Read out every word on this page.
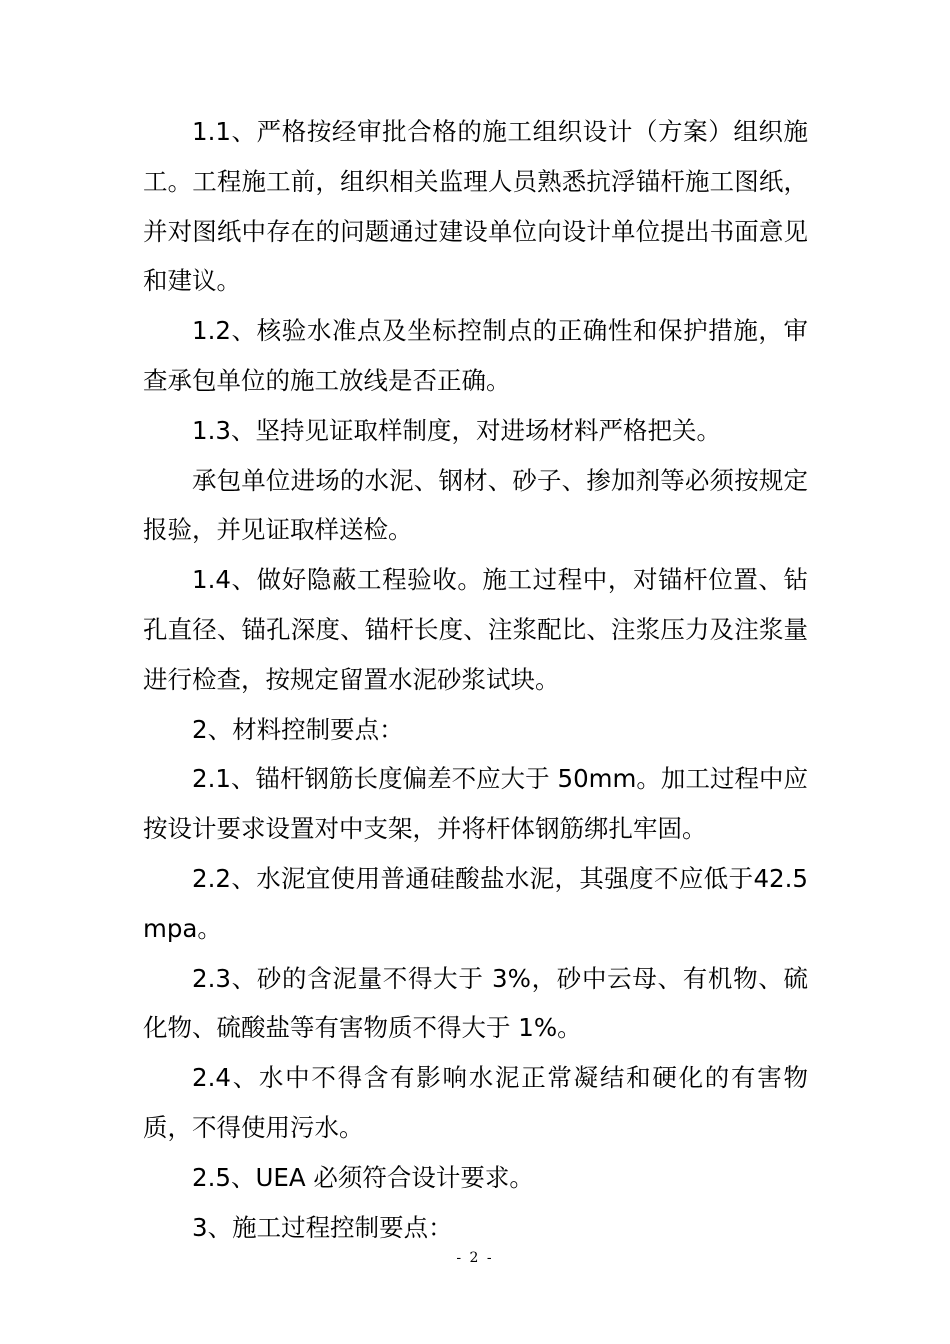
1.1、严格按经审批合格的施工组织设计（方案）组织施工。工程施工前，组织相关监理人员熟悉抗浮锚杆施工图纸，并对图纸中存在的问题通过建设单位向设计单位提出书面意见和建议。

1.2、核验水准点及坐标控制点的正确性和保护措施，审查承包单位的施工放线是否正确。

1.3、坚持见证取样制度，对进场材料严格把关。

承包单位进场的水泥、钢材、砂子、掺加剂等必须按规定报验，并见证取样送检。

1.4、做好隐蔽工程验收。施工过程中，对锚杆位置、钻孔直径、锚孔深度、锚杆长度、注浆配比、注浆压力及注浆量进行检查，按规定留置水泥砂浆试块。

2、材料控制要点：

2.1、锚杆钢筋长度偏差不应大于 50mm。加工过程中应按设计要求设置对中支架，并将杆体钢筋绑扎牢固。

2.2、水泥宜使用普通硅酸盐水泥，其强度不应低于42.5mpa。

2.3、砂的含泥量不得大于 3%，砂中云母、有机物、硫化物、硫酸盐等有害物质不得大于 1%。

2.4、水中不得含有影响水泥正常凝结和硬化的有害物质，不得使用污水。

2.5、UEA 必须符合设计要求。

3、施工过程控制要点：

- 2 -
